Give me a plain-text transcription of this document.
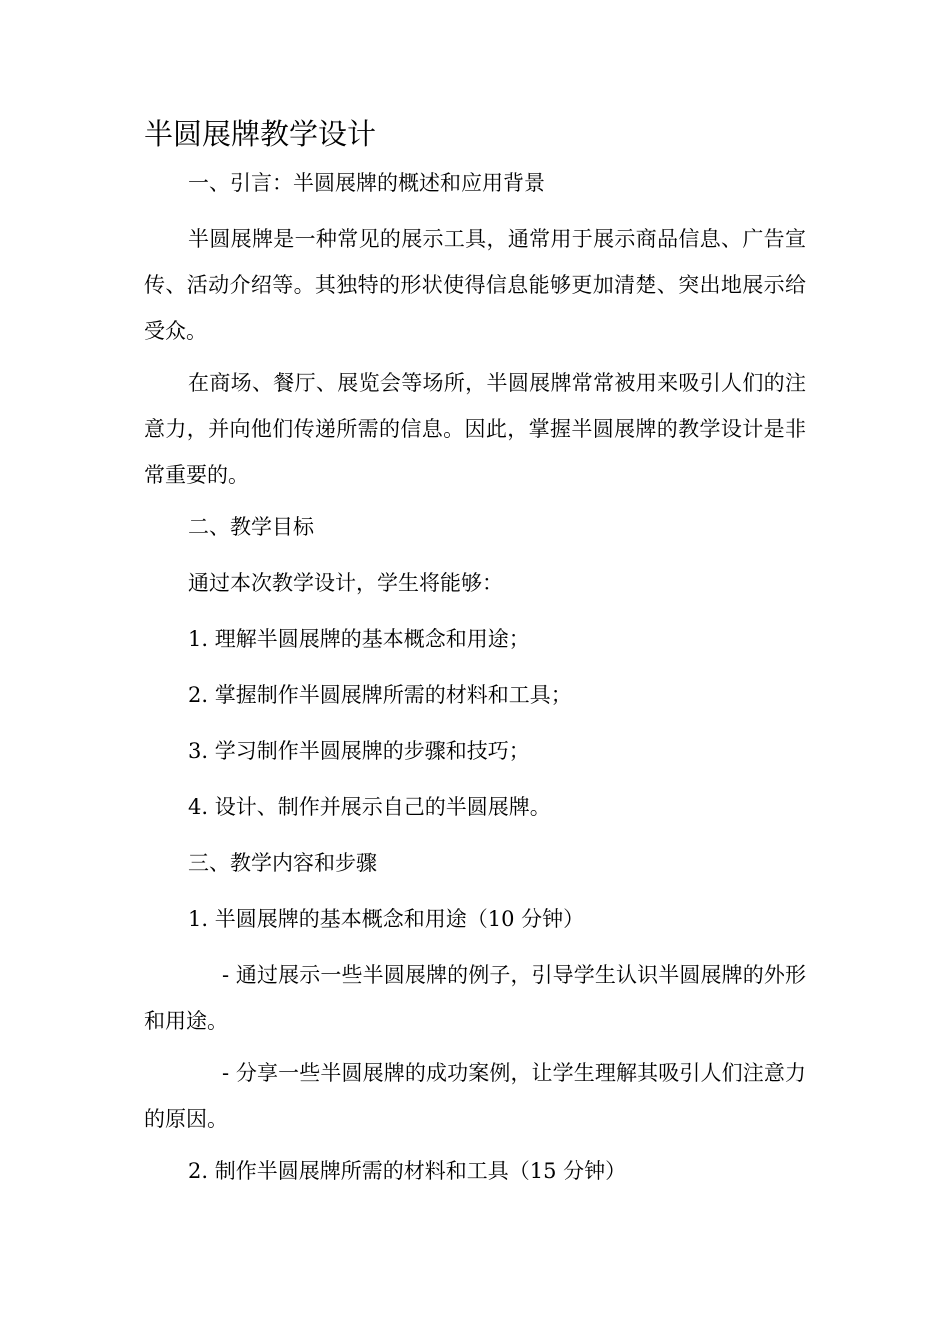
半圆展牌教学设计

一、引言：半圆展牌的概述和应用背景

半圆展牌是一种常见的展示工具，通常用于展示商品信息、广告宣传、活动介绍等。其独特的形状使得信息能够更加清楚、突出地展示给受众。

在商场、餐厅、展览会等场所，半圆展牌常常被用来吸引人们的注意力，并向他们传递所需的信息。因此，掌握半圆展牌的教学设计是非常重要的。

二、教学目标

通过本次教学设计，学生将能够：

1. 理解半圆展牌的基本概念和用途；

2. 掌握制作半圆展牌所需的材料和工具；

3. 学习制作半圆展牌的步骤和技巧；

4. 设计、制作并展示自己的半圆展牌。

三、教学内容和步骤

1. 半圆展牌的基本概念和用途（10 分钟）

- 通过展示一些半圆展牌的例子，引导学生认识半圆展牌的外形和用途。

- 分享一些半圆展牌的成功案例，让学生理解其吸引人们注意力的原因。

2. 制作半圆展牌所需的材料和工具（15 分钟）
